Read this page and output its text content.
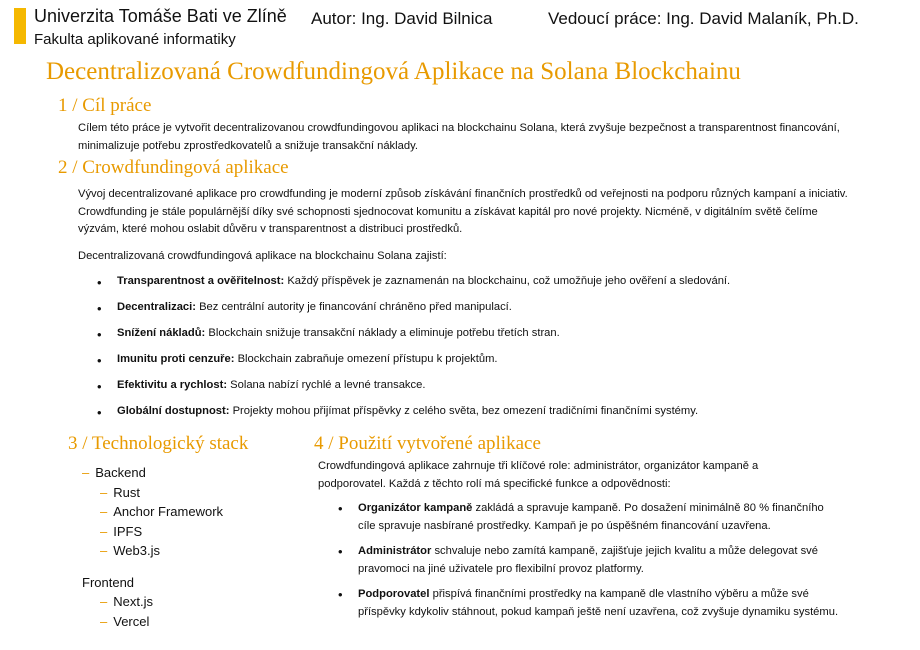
Univerzita Tomáše Bati ve Zlíně
Fakulta aplikované informatiky
Autor: Ing. David Bilnica	Vedoucí práce: Ing. David Malaník, Ph.D.
Decentralizovaná Crowdfundingová Aplikace na Solana Blockchainu
1 / Cíl práce
Cílem této práce je vytvořit decentralizovanou crowdfundingovou aplikaci na blockchainu Solana, která zvyšuje bezpečnost a transparentnost financování, minimalizuje potřebu zprostředkovatelů a snižuje transakční náklady.
2 / Crowdfundingová aplikace
Vývoj decentralizované aplikace pro crowdfunding je moderní způsob získávání finančních prostředků od veřejnosti na podporu různých kampaní a iniciativ. Crowdfunding je stále populárnější díky své schopnosti sjednocovat komunitu a získávat kapitál pro nové projekty. Nicméně, v digitálním světě čelíme výzvám, které mohou oslabit důvěru v transparentnost a distribuci prostředků.
Decentralizovaná crowdfundingová aplikace na blockchainu Solana zajistí:
• Transparentnost a ověřitelnost: Každý příspěvek je zaznamenán na blockchainu, což umožňuje jeho ověření a sledování.
• Decentralizaci: Bez centrální autority je financování chráněno před manipulací.
• Snížení nákladů: Blockchain snižuje transakční náklady a eliminuje potřebu třetích stran.
• Imunitu proti cenzuře: Blockchain zabraňuje omezení přístupu k projektům.
• Efektivitu a rychlost: Solana nabízí rychlé a levné transakce.
• Globální dostupnost: Projekty mohou přijímat příspěvky z celého světa, bez omezení tradičními finančními systémy.
3 / Technologický stack
– Backend
– Rust
– Anchor Framework
– IPFS
– Web3.js
Frontend
– Next.js
– Vercel
4 / Použití vytvořené aplikace
Crowdfundingová aplikace zahrnuje tři klíčové role: administrátor, organizátor kampaně a podporovatel. Každá z těchto rolí má specifické funkce a odpovědnosti:
• Organizátor kampaně zakládá a spravuje kampaně. Po dosažení minimálně 80 % finančního cíle spravuje nasbírané prostředky. Kampaň je po úspěšném financování uzavřena.
• Administrátor schvaluje nebo zamítá kampaně, zajišťuje jejich kvalitu a může delegovat své pravomoci na jiné uživatele pro flexibilní provoz platformy.
• Podporovatel přispívá finančními prostředky na kampaně dle vlastního výběru a může své příspěvky kdykoliv stáhnout, pokud kampaň ještě není uzavřena, což zvyšuje dynamiku systému.
